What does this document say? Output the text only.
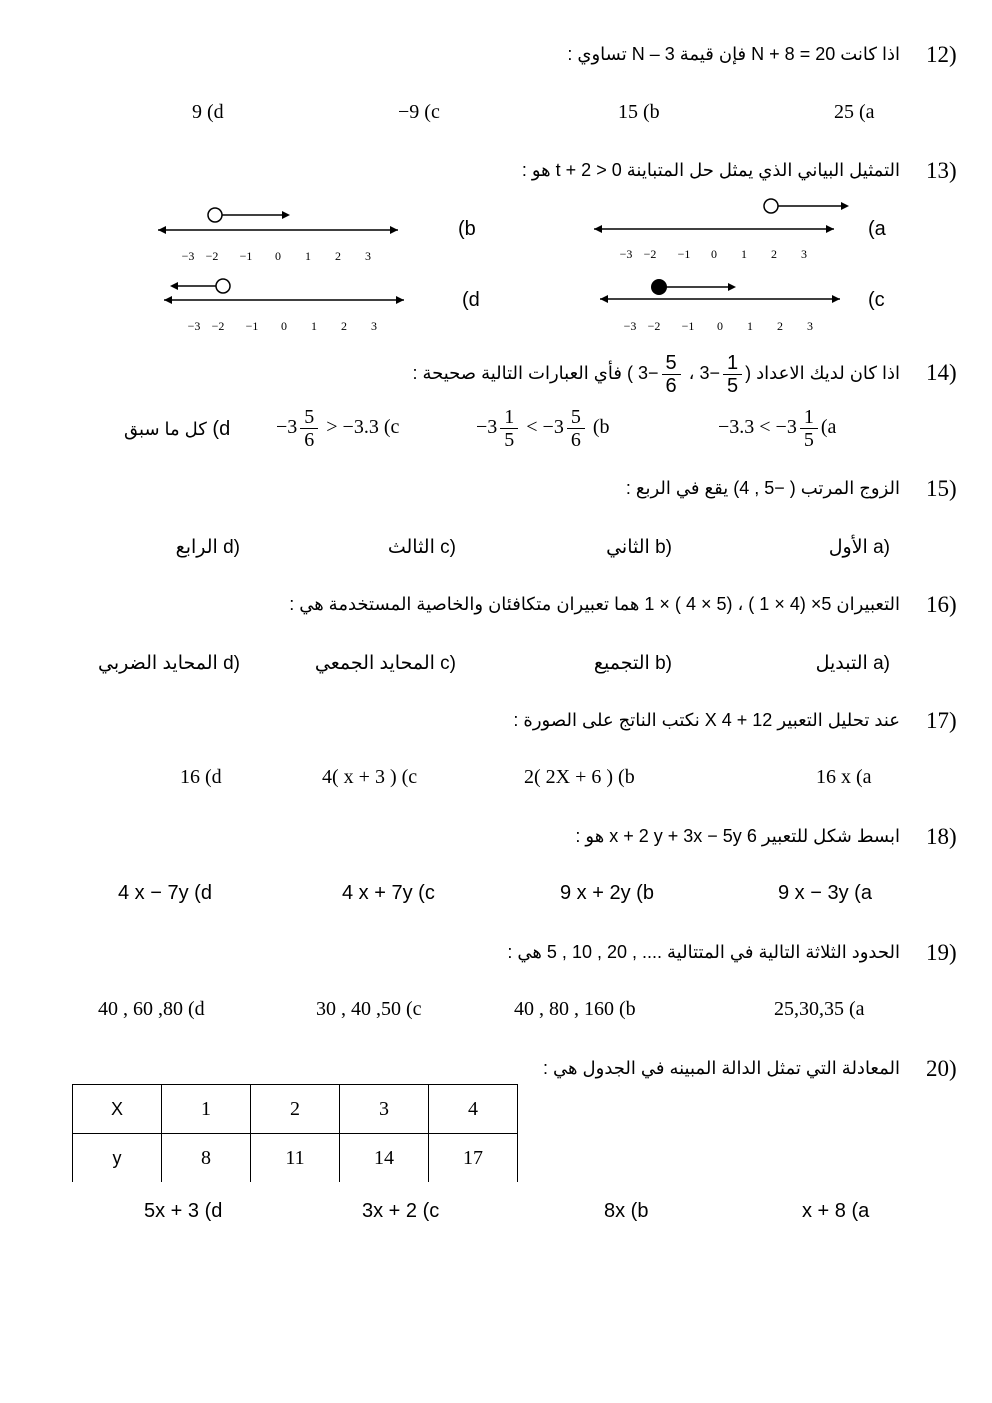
12)
اذا كانت 20 = 8 + N فإن قيمة 3 – N تساوي :
25 (a
15 (b
−9 (c
9 (d
13)
التمثيل البياني الذي يمثل حل المتباينة 0 < t + 2 هو :
(a
(b
(c
(d
−3 −2 −1 0 1 2 3
−3 −2 −1 0 1 2 3
−3 −2 −1 0 1 2 3
−3 −2 −1 0 1 2 3
14)
اذا كان لديك الاعداد (
$\frac{1}{5}$
−3 ،
$\frac{5}{6}$
−3 ) فأي العبارات التالية صحيحة :
$-3.3 < -3 \frac{1}{5} (a$
$-3 \frac{1}{5} < -3 \frac{5}{6} (b$
$-3 \frac{5}{6} > -3.3$ (c
كل ما سبق (d
15)
الزوج المرتب ( −5 , 4) يقع في الربع :
(a الأول
(b الثاني
(c الثالث
(d الرابع
16)
التعبيران 5× (4 × 1 ) ، (5 × 4 ) × 1 هما تعبيران متكافئان والخاصية المستخدمة هي :
(a التبديل
(b التجميع
(c المحايد الجمعي
(d المحايد الضربي
17)
عند تحليل التعبير 12 + 4 X نكتب الناتج على الصورة :
16 x (a
2( 2X + 6 ) (b
4( x + 3 ) (c
16 (d
18)
ابسط شكل للتعبير 6 x + 2 y + 3x − 5y هو :
9 x − 3y (a
9 x + 2y (b
4 x + 7y (c
4 x − 7y (d
19)
الحدود الثلاثة التالية في المتتالية .... , 20 , 10 , 5 هي :
25,30,35 (a
40 , 80 , 160 (b
30 , 40 ,50 (c
40 , 60 ,80 (d
20)
المعادلة التي تمثل الدالة المبينه في الجدول هي :
X	1	2	3	4
y	8	11	14	17
x + 8 (a
8x (b
3x + 2 (c
5x + 3 (d
